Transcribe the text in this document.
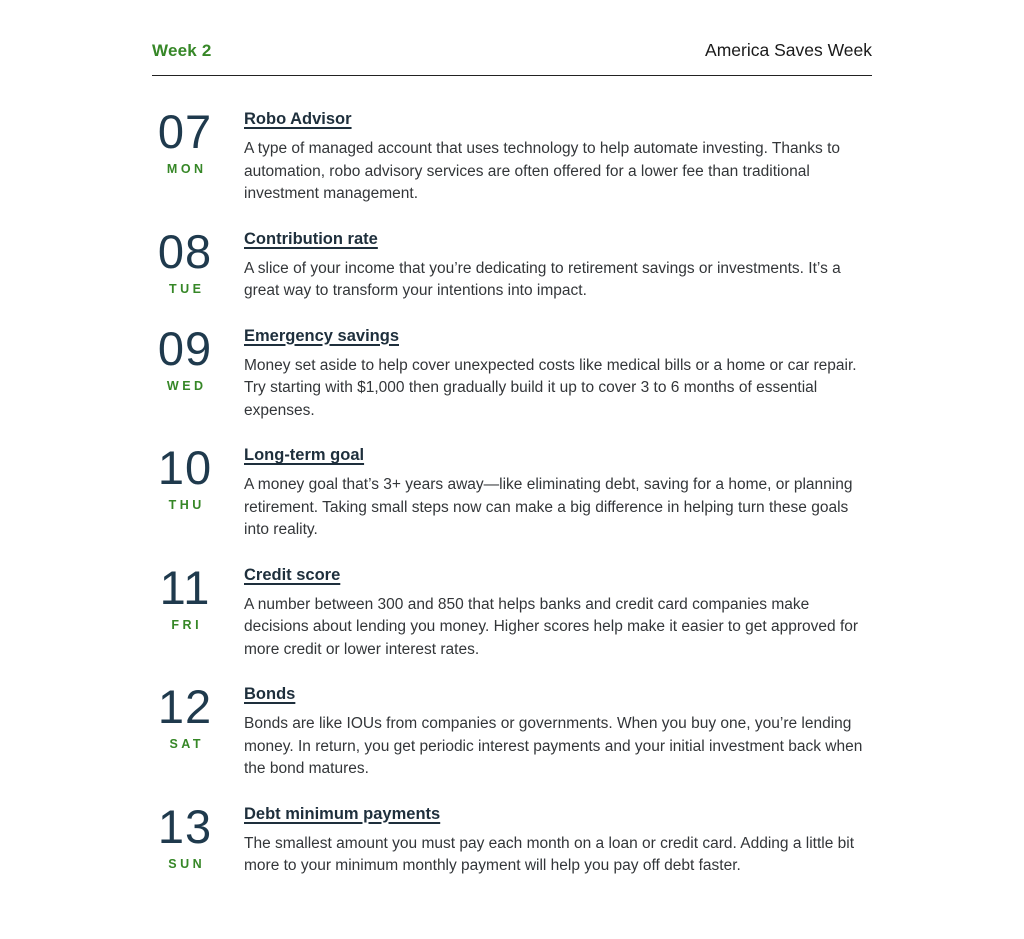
Week 2	America Saves Week
07
MON
Robo Advisor

A type of managed account that uses technology to help automate investing. Thanks to automation, robo advisory services are often offered for a lower fee than traditional investment management.

08
TUE
Contribution rate

A slice of your income that you’re dedicating to retirement savings or investments. It’s a great way to transform your intentions into impact.

09
WED
Emergency savings

Money set aside to help cover unexpected costs like medical bills or a home or car repair. Try starting with $1,000 then gradually build it up to cover 3 to 6 months of essential expenses.

10
THU
Long-term goal

A money goal that’s 3+ years away—like eliminating debt, saving for a home, or planning retirement. Taking small steps now can make a big difference in helping turn these goals into reality.

11
FRI
Credit score

A number between 300 and 850 that helps banks and credit card companies make decisions about lending you money. Higher scores help make it easier to get approved for more credit or lower interest rates.

12
SAT
Bonds

Bonds are like IOUs from companies or governments. When you buy one, you’re lending money. In return, you get periodic interest payments and your initial investment back when the bond matures.

13
SUN
Debt minimum payments

The smallest amount you must pay each month on a loan or credit card. Adding a little bit more to your minimum monthly payment will help you pay off debt faster.
